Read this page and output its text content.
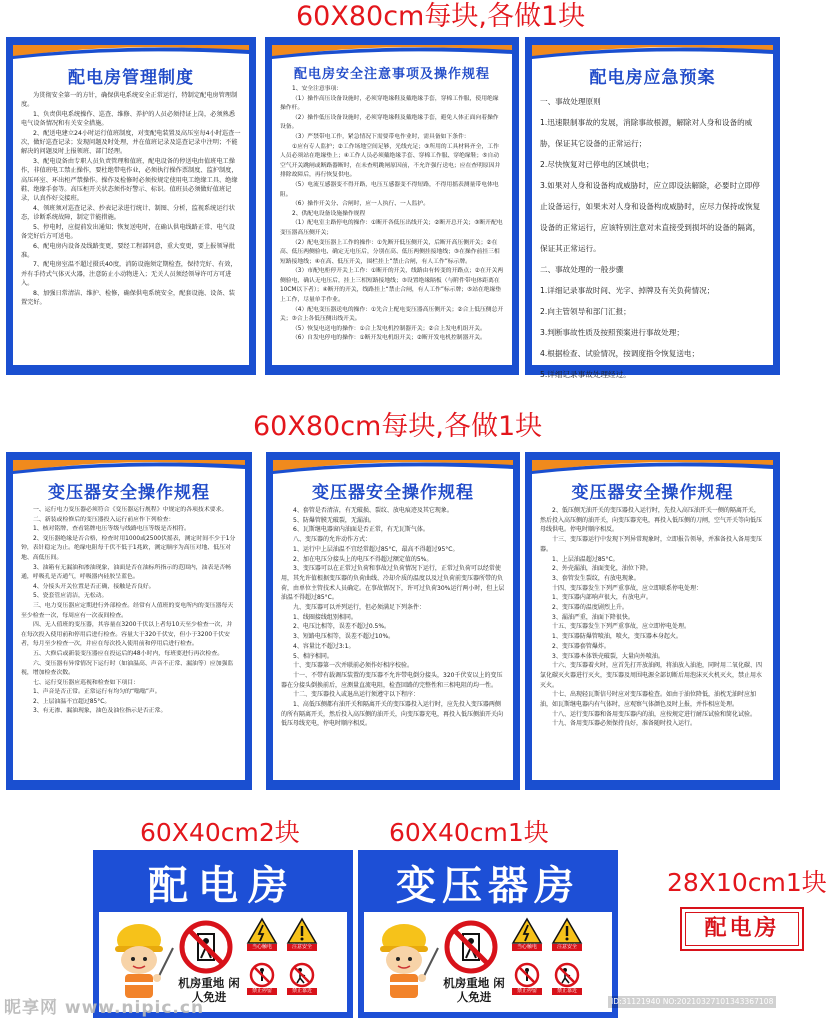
60X80cm每块,各做1块
60X80cm每块,各做1块
60X40cm2块	60X40cm1块
28X10cm1块
配电房管理制度

为贯彻安全第一的方针，确保供电系统安全正常运行，特制定配电房管理制度。

1、负责供电系统操作、巡查、维修、养护的人员必须持证上岗，必须熟悉电气设备情况和有关安全措施。

2、配送电建立24小时运行值班制度，对变配电装置及高压室每4小时巡查一次，做好巡查记录；发现问题及时处理，并在值班记录及巡查记录中注明；不能解决的问题及时上报领班、部门经理。

3、配电设备由专职人员负责管理和值班，配电设备的停送电由值班电工操作，非值班电工禁止操作，要杜绝带电作业，必须执行操作票制度、监护制度，高压环室、环出柜严禁操作。操作及检修时必须按规定使用电工绝缘工具、绝缘鞋、绝缘手套等。高压柜开关状态须作好警示、标识。值班员必须做好值班记录，认真作好交接班。

4、领班须对巡查记录、抄表记录进行统计、制图、分析，监视系统运行状态，诊断系统故障，制定节能措施。

5、停电时，应提前发出通知；恢复送电时，在确认供电线路正常、电气设备完好后方可送电。

6、配电房内设备及线路变更，要经工程部同意，重大变更，要上报领导批准。

7、配电房室温不超过摄氏40度，消防设施须定期检查，保持完好、有效，并有手持式气体灭火器，注意防止小动物进入；无关人员须经领导许可方可进入。

8、加强日常清洁、维护、检修，确保供电系统安全，配套设施、设备、装置完好。

配电房安全注意事项及操作规程

1、安全注意事项：

（1）操作高压设备设施时，必须穿绝缘鞋及戴绝缘手套，穿棉工作服，使用绝缘操作杆。

（2）操作低压设备设施时，必须穿绝缘鞋及戴绝缘手套，避免人体正面向着操作设备。

（3）严禁带电工作，紧急情况下需要带电作业时，需具备如下条件：

①应有专人监护；②工作场地空间足够，光线充足；③所用的工具材料齐全，工作人员必须站在绝缘垫上；④工作人员必须戴绝缘手套、穿棉工作服、穿绝缘鞋；⑤自动空气开关跳闸或断路器断时，在未查明跳闸原因前，不允许强行送电；应在查明原因并排除故障后，再行恢复供电。

（5）电流互感器变不得开路，电压互感器变不得短路，不得用摇表测量带电体电阻。

（6）操作开关分、合闸时，应一人执行、一人监护。

2、供配电设备设施操作规程

（1）配电室主路停电的操作：①断开各低压出线开关；②断开总开关；③断开配电变压器高压侧开关；

（2）配电变压器上工作的操作：①先断开低压侧开关，后断开高压侧开关；②在高、低压两侧验电、确定无电压后，分别在高、低压两侧挂接地线；③在操作前挂三相短路接地线；④在高、低压开关，围栏挂上“禁止合闸，有人工作”标示牌。

（3）市配电柜停开关上工作：①断开的开关，线路由有转变的开路点；②在开关两侧验电，确认无电压后，挂上三相短路接地线；③设置绝缘隔板（与附件带电体距离在10CM以下者）；④断开的开关，线路挂上“禁止合闸，有人工作”标示牌；⑤站在绝缘垫上工作，尽量单手作业。

（4）配电变压器送电的操作：①先合上配电变压器高压侧开关；②合上低压侧总开关；③合上各低压侧出线开关。

（5）恢复电送电的操作：①合上发电机控制器开关；②合上发电机组开关。

（6）自发电停电的操作：①断开发电机组开关；②断开发电机控制器开关。

配电房应急预案

一、事故处理原则

1.迅速限制事故的发展，消除事故根源，解除对人身和设备的威胁，保证其它设备的正常运行；

2.尽快恢复对已停电的区域供电；

3.如果对人身和设备构成威胁时，应立即设法解除，必要时立即停止设备运行，如果未对人身和设备构成威胁时，应尽力保持或恢复设备的正常运行，应该特别注意对未直接受到损坏的设备的隔离，保证其正常运行。

二、事故处理的一般步骤

1.详细记录事故时间、光字、掉牌及有关负荷情况；

2.向主管领导和部门汇报；

3.判断事故性质及按照预案进行事故处理；

4.根据检查、试验情况，按调度指令恢复送电；

5.详细记录事故处理经过。

变压器安全操作规程

一、运行电力变压器必须符合《变压器运行规程》中规定的各项技术要求。

二、新装或检修后的变压器投入运行前应作下列检查：

1、核对铭牌，查看铭牌电压等级与线路电压等级是否相符。

2、变压器绝缘是否合格，检查时用1000或2500伏摇表，测定时间不少于1分钟，表针稳定为止。绝缘电阻每千伏不低于1兆欧，测定顺序为高压对地、低压对地、高低压间。

3、油箱有无漏油和渗油现象，油面是否在油标所指示的范围内，油表是否畅通，呼吸孔是否通气，呼吸器内硅胶呈蓝色。

4、分接头开关位置是否正确，接触是否良好。

5、瓷套管应清洁，无松动。

三、电力变压器应定期进行外部检查。经常有人值班的变电所内的变压器每天至少检查一次，每周应有一次夜间检查。

四、无人值班的变压器，其容量在3200千伏以上者每10天至少检查一次，并在每次投入使用前和停用后进行检查。容量大于320千伏安，但小于3200千伏安者，每月至少检查一次，并应在每次投入使用前和停用后进行检查。

五、大修后或新装变压器应在投运后的48小时内，每班要进行再次检查。

六、变压器有异常情况下运行时（如油温高、声音不正常、漏油等）应加强监视，增加检查次数。

七、运行变压器应巡视和检查如下项目：

1、声音是否正常。正常运行有均匀的“嗡嗡”声。

2、上层油温不宜超过85°C。

3、有无渗、漏油现象，油色及油位指示是否正常。

变压器安全操作规程

4、套管是否清洁，有无破损、裂纹、放电痕迹及其它现象。

5、防爆管膜无破裂，无漏油。

6、瓦斯继电器窗内油面是否正常，有无瓦斯气体。

八、变压器的允许动作方式：

1、运行中上层油温不宜经常超过85°C，最高不得超过95°C。

2、加在电压分接头上的电压不得超过额定值的5%。

3、变压器可以在正常过负荷和事故过负荷情况下运行，正常过负荷可以经常使用，其允许值根据变压器的负荷曲线、冷却介质的温度以及过负荷前变压器所带的负荷，由单位主管技术人员确定。在事故情况下，许可过负荷30%运行两小时，但上层油温不得超过85°C。

九、变压器可以并列运行，但必须满足下列条件：

1、线圈接线组别相同。

2、电压比相等，误差不超过0.5%。

3、短路电压相等，误差不超过10%。

4、容量比不超过3:1。

5、相序相同。

十、变压器第一次并联前必须作好相序校验。

十一、不带有载调压装置的变压器不允许带电倒分接头，320千伏安以上的变压器在分接头倒换前后，应测量直流电阻，检查回路的完整性和三相电阻的均一性。

十二、变压器投入或退出运行须遵守以下程序：

1、高低压侧都有油开关和隔离开关的变压器投入运行时，应先投入变压器两侧的所有隔离开关，然后投入高压侧的油开关，向变压器充电，再投入低压侧油开关向低压母线充电，停电时顺序相反。

变压器安全操作规程

2、低压侧无油开关的变压器投入运行时，先投入高压油开关一侧的隔离开关，然后投入高压侧的油开关，向变压器充电，再投入低压侧的刀闸，空气开关等向低压母线供电。停电时顺序相反。

十三、变压器运行中发现下列异常现象时，立即报告领导，并准备投入备用变压器。

1、上层油温超过85°C。

2、外壳漏油，油面变化，油位下降。

3、套管发生裂纹，有放电现象。

十四、变压器发生下列严重事故，应立即联系停电处理：

1、变压器内部响声很大，有放电声。

2、变压器的温度剧烈上升。

3、漏油严重，油面下降很快。

十五、变压器发生下列严重事故，应立即停电处理。

1、变压器防爆管喷油，喷火，变压器本身起火。

2、变压器套管爆炸。

3、变压器本体铁壳破裂，大量向外喷油。

十六、变压器着火时，应首先打开放油阀，将油放入油池，同时用二氧化碳、四氯化碳灭火器进行灭火，变压器及周围电源全部切断后用泡沫灭火机灭火，禁止用水灭火。

十七、出现轻瓦斯信号时应对变压器检查。如由于油位降低，油枕无油时应加油，如瓦斯继电器内有气体时，应观察气体颜色及时上报，并作相应处理。

十八、运行变压器和备用变压器内的油，应按规定进行耐压试验和简化试验。

十九、备用变压器必须保持良好，准备随时投入运行。

配电房
机房重地 闲人免进
当心触电	注意安全
禁止停留	禁止靠近
变压器房
机房重地 闲人免进
当心触电	注意安全
禁止停留	禁止靠近
配电房
昵享网 www.nipic.cn	ID:31121940 NO:20210327101343367108
